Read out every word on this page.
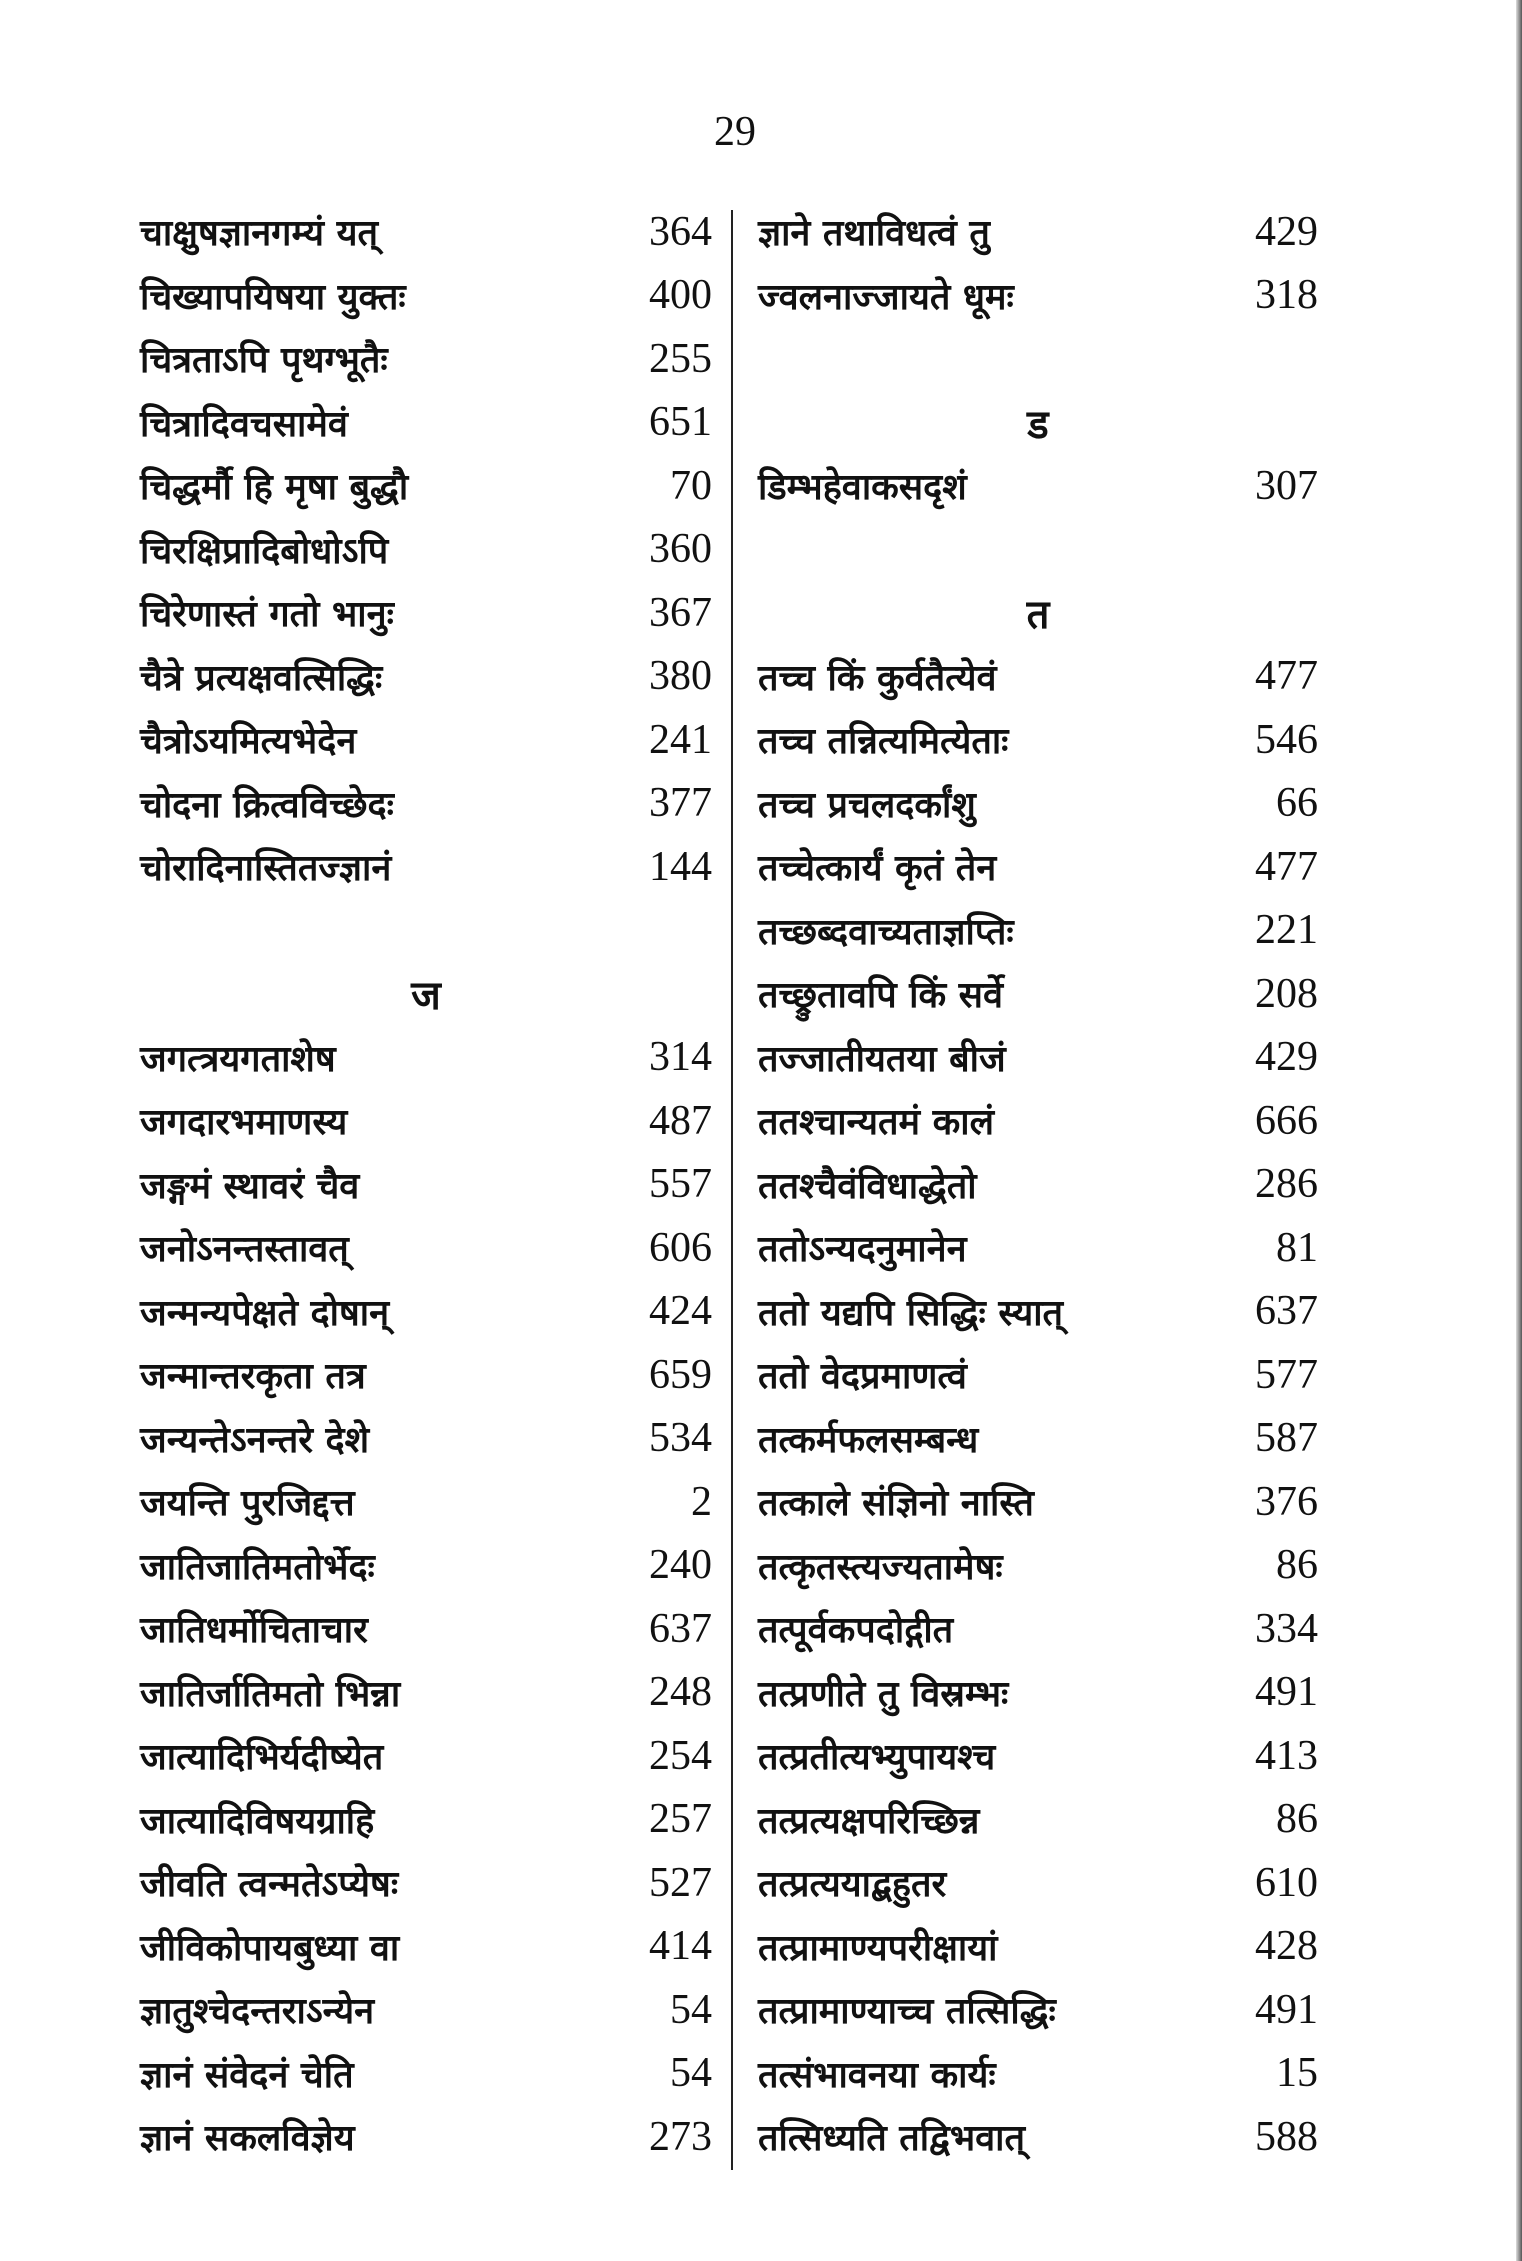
29
चाक्षुषज्ञानगम्यं यत्	364
चिख्यापयिषया युक्तः	400
चित्रताऽपि पृथग्भूतैः	255
चित्रादिवचसामेवं	651
चिद्धर्मौ हि मृषा बुद्धौ	70
चिरक्षिप्रादिबोधोऽपि	360
चिरेणास्तं गतो भानुः	367
चैत्रे प्रत्यक्षवत्सिद्धिः	380
चैत्रोऽयमित्यभेदेन	241
चोदना क्रित्वविच्छेदः	377
चोरादिनास्तितज्ज्ञानं	144
ज
जगत्त्रयगताशेष	314
जगदारभमाणस्य	487
जङ्गमं स्थावरं चैव	557
जनोऽनन्तस्तावत्	606
जन्मन्यपेक्षते दोषान्	424
जन्मान्तरकृता तत्र	659
जन्यन्तेऽनन्तरे देशे	534
जयन्ति पुरजिद्दत्त	2
जातिजातिमतोर्भेदः	240
जातिधर्मोचिताचार	637
जातिर्जातिमतो भिन्ना	248
जात्यादिभिर्यदीष्येत	254
जात्यादिविषयग्राहि	257
जीवति त्वन्मतेऽप्येषः	527
जीविकोपायबुध्या वा	414
ज्ञातुश्चेदन्तराऽन्येन	54
ज्ञानं संवेदनं चेति	54
ज्ञानं सकलविज्ञेय	273
ज्ञाने तथाविधत्वं तु	429
ज्वलनाज्जायते धूमः	318
ड
डिम्भहेवाकसदृशं	307
त
तच्च किं कुर्वतैत्येवं	477
तच्च तन्नित्यमित्येताः	546
तच्च प्रचलदर्कांशु	66
तच्चेत्कार्यं कृतं तेन	477
तच्छब्दवाच्यताज्ञप्तिः	221
तच्छ्रुतावपि किं सर्वे	208
तज्जातीयतया बीजं	429
ततश्चान्यतमं कालं	666
ततश्चैवंविधाद्धेतो	286
ततोऽन्यदनुमानेन	81
ततो यद्यपि सिद्धिः स्यात्	637
ततो वेदप्रमाणत्वं	577
तत्कर्मफलसम्बन्ध	587
तत्काले संज्ञिनो नास्ति	376
तत्कृतस्त्यज्यतामेषः	86
तत्पूर्वकपदोद्गीत	334
तत्प्रणीते तु विस्रम्भः	491
तत्प्रतीत्यभ्युपायश्च	413
तत्प्रत्यक्षपरिच्छिन्न	86
तत्प्रत्ययाद्बहुतर	610
तत्प्रामाण्यपरीक्षायां	428
तत्प्रामाण्याच्च तत्सिद्धिः	491
तत्संभावनया कार्यः	15
तत्सिध्यति तद्विभवात्	588
